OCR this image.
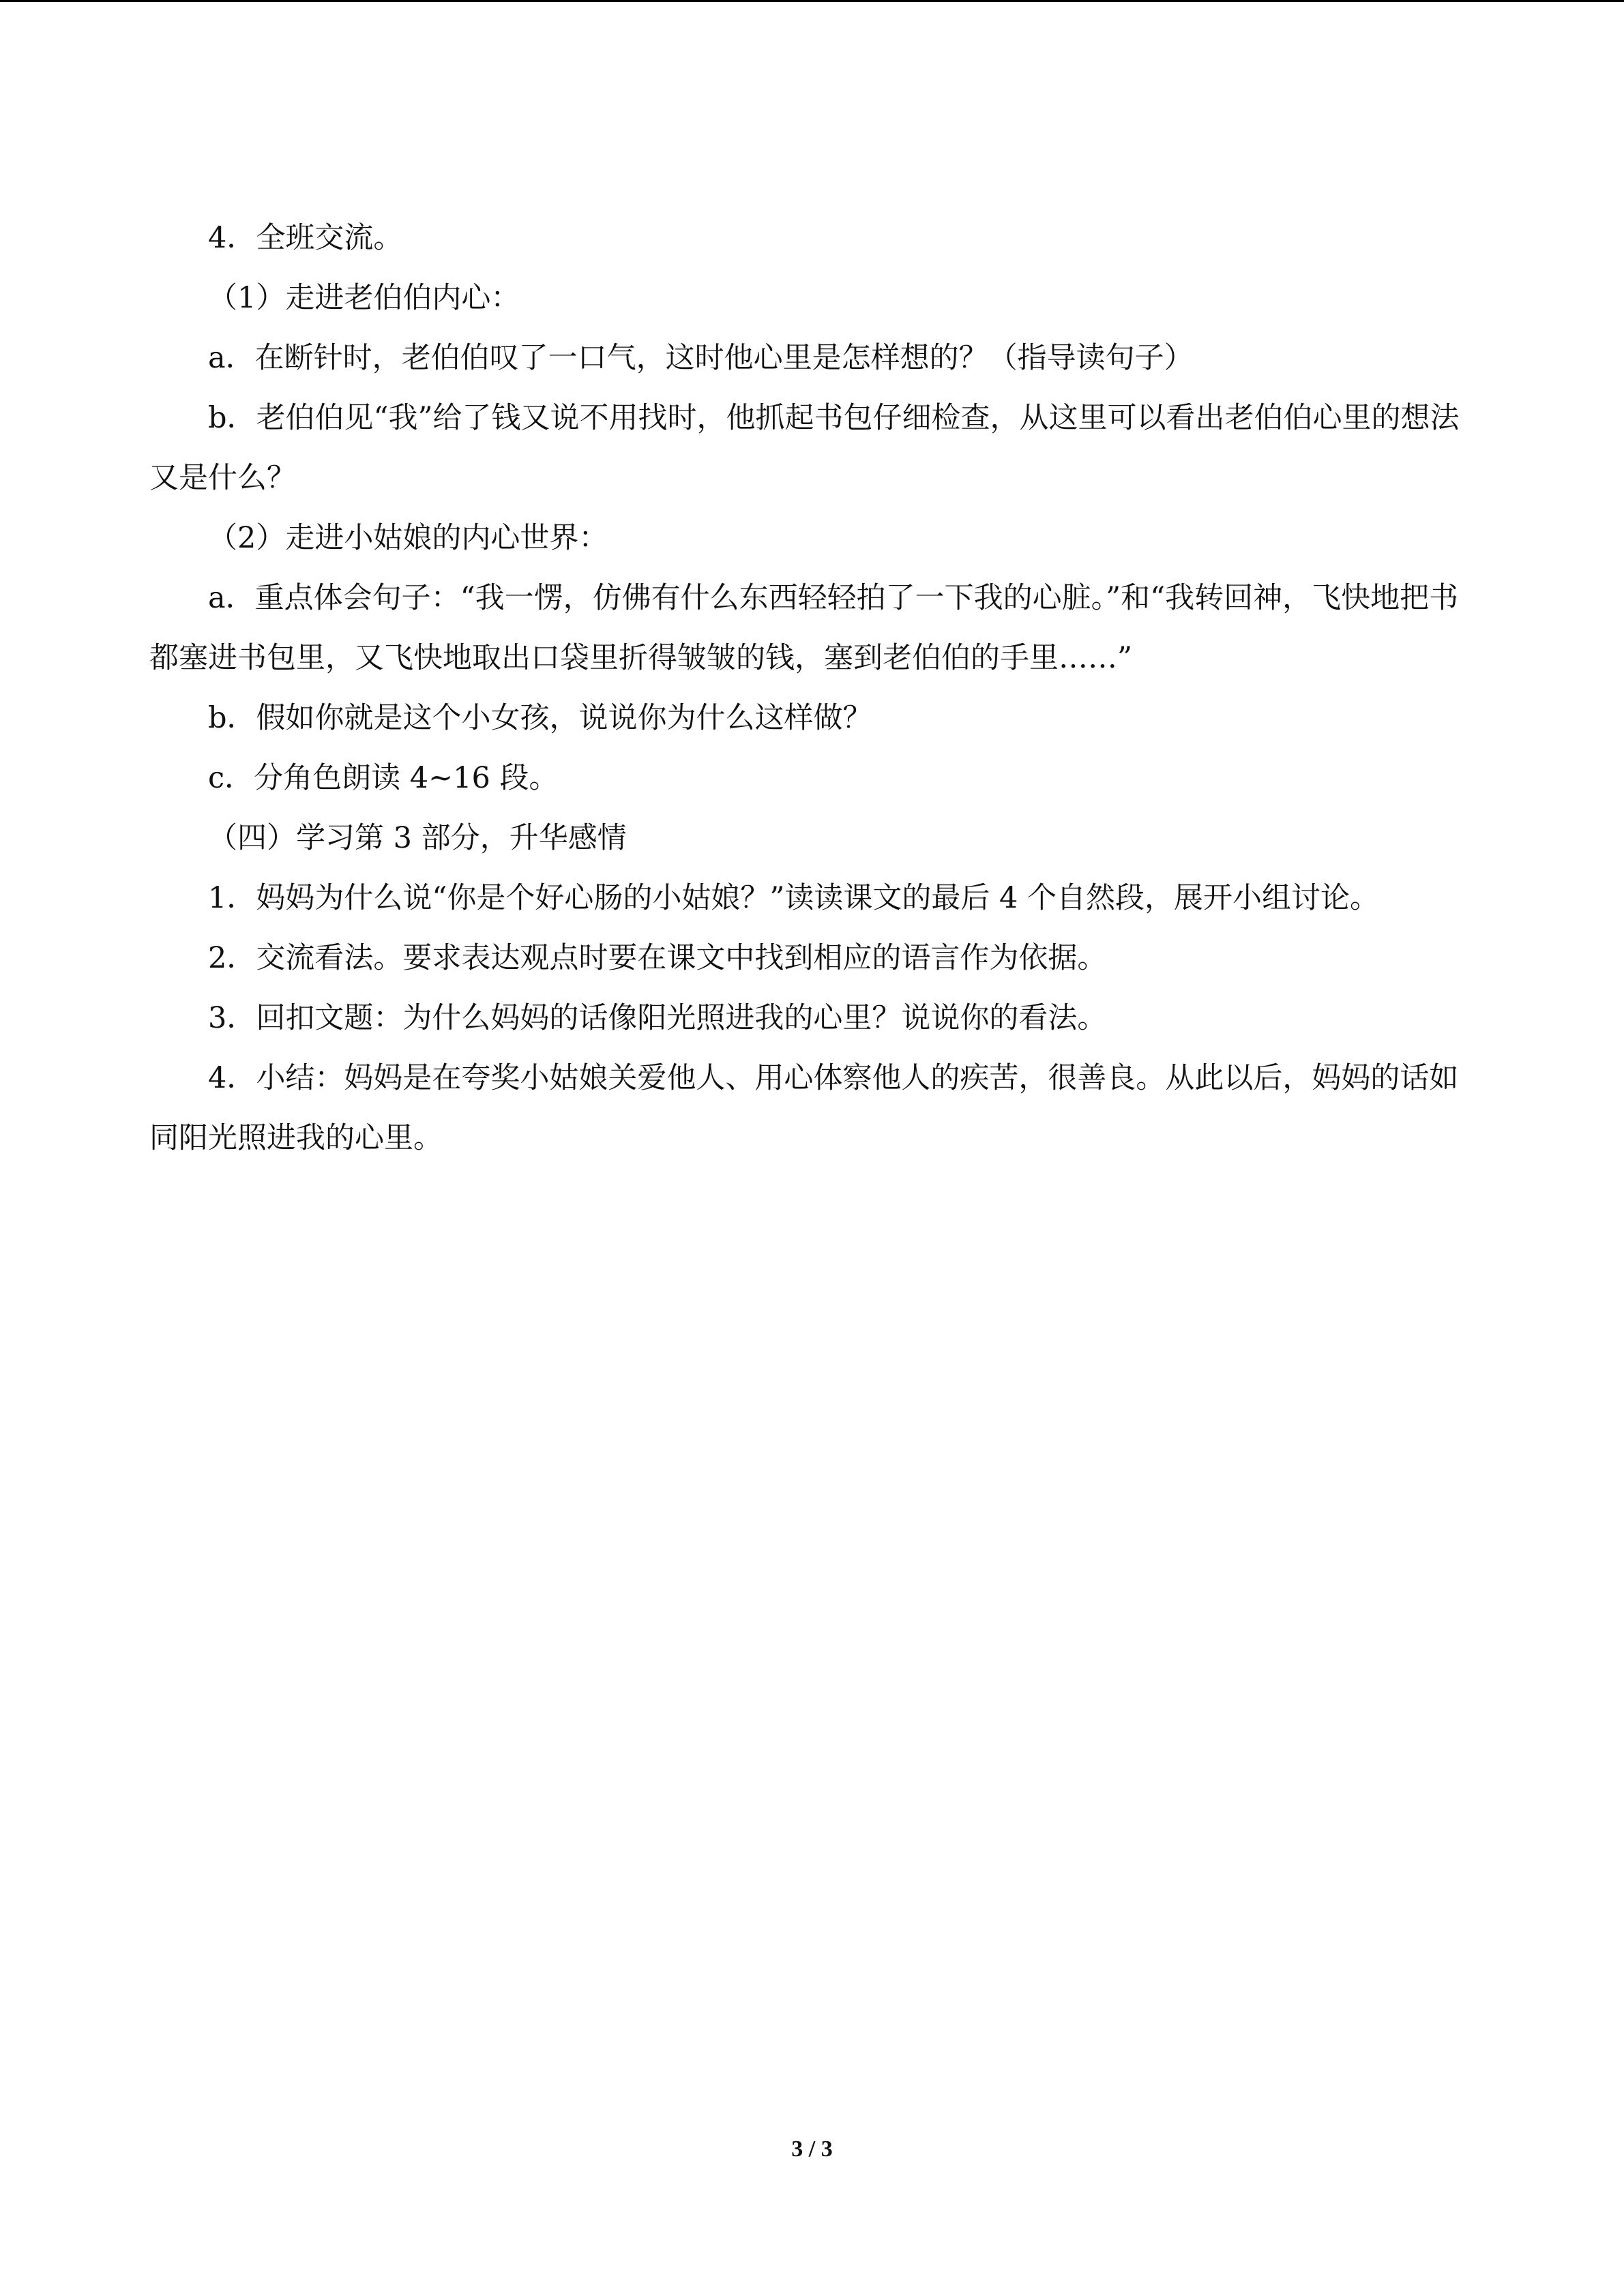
4．全班交流。

（1）走进老伯伯内心：

a．在断针时，老伯伯叹了一口气，这时他心里是怎样想的？（指导读句子）

b．老伯伯见“我”给了钱又说不用找时，他抓起书包仔细检查，从这里可以看出老伯伯心里的想法又是什么？

（2）走进小姑娘的内心世界：

a．重点体会句子：“我一愣，仿佛有什么东西轻轻拍了一下我的心脏。”和“我转回神，飞快地把书都塞进书包里，又飞快地取出口袋里折得皱皱的钱，塞到老伯伯的手里……”

b．假如你就是这个小女孩，说说你为什么这样做？

c．分角色朗读 4~16 段。

（四）学习第 3 部分，升华感情

1．妈妈为什么说“你是个好心肠的小姑娘？”读读课文的最后 4 个自然段，展开小组讨论。

2．交流看法。要求表达观点时要在课文中找到相应的语言作为依据。

3．回扣文题：为什么妈妈的话像阳光照进我的心里？说说你的看法。

4．小结：妈妈是在夸奖小姑娘关爱他人、用心体察他人的疾苦，很善良。从此以后，妈妈的话如同阳光照进我的心里。

3 / 3
